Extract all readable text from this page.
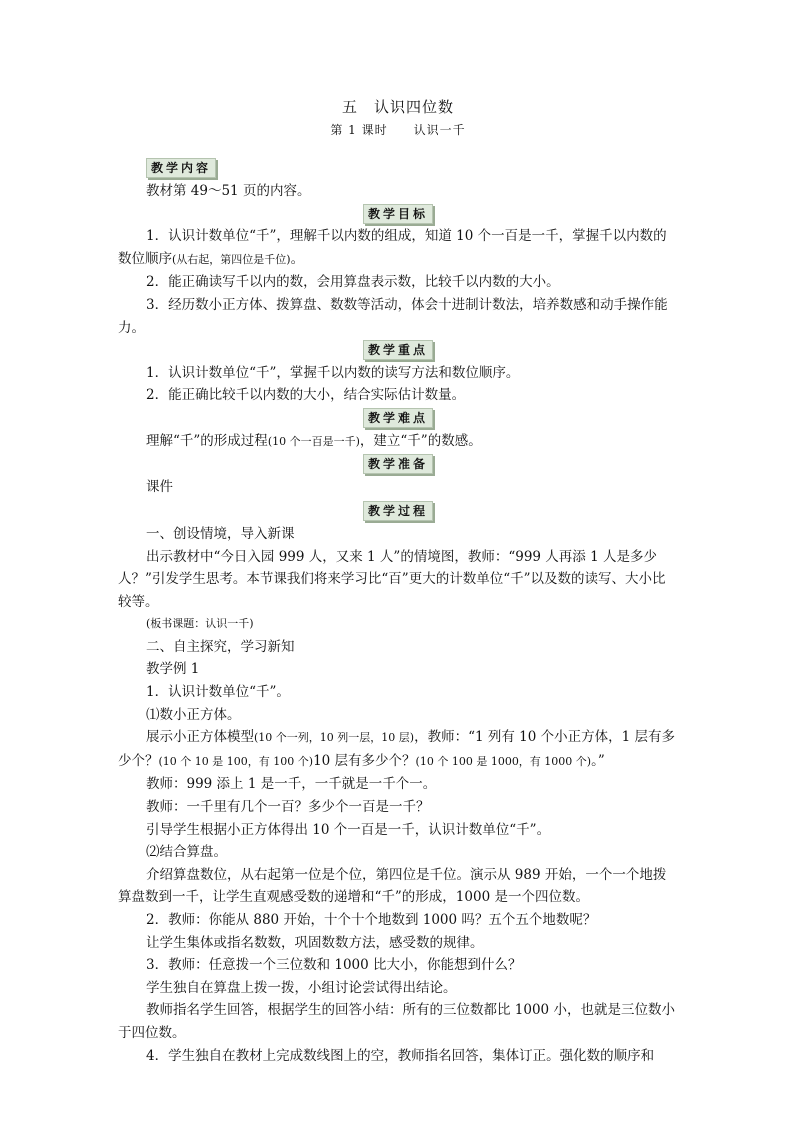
五　认识四位数
第 1 课时　　认识一千
教学内容

教材第 49～51 页的内容。

教学目标

1．认识计数单位“千”，理解千以内数的组成，知道 10 个一百是一千，掌握千以内数的数位顺序(从右起，第四位是千位)。

2．能正确读写千以内的数，会用算盘表示数，比较千以内数的大小。

3．经历数小正方体、拨算盘、数数等活动，体会十进制计数法，培养数感和动手操作能力。

教学重点

1．认识计数单位“千”，掌握千以内数的读写方法和数位顺序。

2．能正确比较千以内数的大小，结合实际估计数量。

教学难点

理解“千”的形成过程(10 个一百是一千)，建立“千”的数感。

教学准备

课件

教学过程

一、创设情境，导入新课

出示教材中“今日入园 999 人，又来 1 人”的情境图，教师：“999 人再添 1 人是多少人？”引发学生思考。本节课我们将来学习比“百”更大的计数单位“千”以及数的读写、大小比较等。

(板书课题：认识一千)

二、自主探究，学习新知

教学例 1

1．认识计数单位“千”。

⑴数小正方体。

展示小正方体模型(10 个一列，10 列一层，10 层)，教师：“1 列有 10 个小正方体，1 层有多少个？(10 个 10 是 100，有 100 个)10 层有多少个？(10 个 100 是 1000，有 1000 个)。”

教师：999 添上 1 是一千，一千就是一千个一。

教师：一千里有几个一百？多少个一百是一千？

引导学生根据小正方体得出 10 个一百是一千，认识计数单位“千”。

⑵结合算盘。

介绍算盘数位，从右起第一位是个位，第四位是千位。演示从 989 开始，一个一个地拨算盘数到一千，让学生直观感受数的递增和“千”的形成，1000 是一个四位数。

2．教师：你能从 880 开始，十个十个地数到 1000 吗？五个五个地数呢？

让学生集体或指名数数，巩固数数方法，感受数的规律。

3．教师：任意拨一个三位数和 1000 比大小，你能想到什么？

学生独自在算盘上拨一拨，小组讨论尝试得出结论。

教师指名学生回答，根据学生的回答小结：所有的三位数都比 1000 小，也就是三位数小于四位数。

4．学生独自在教材上完成数线图上的空，教师指名回答，集体订正。强化数的顺序和
